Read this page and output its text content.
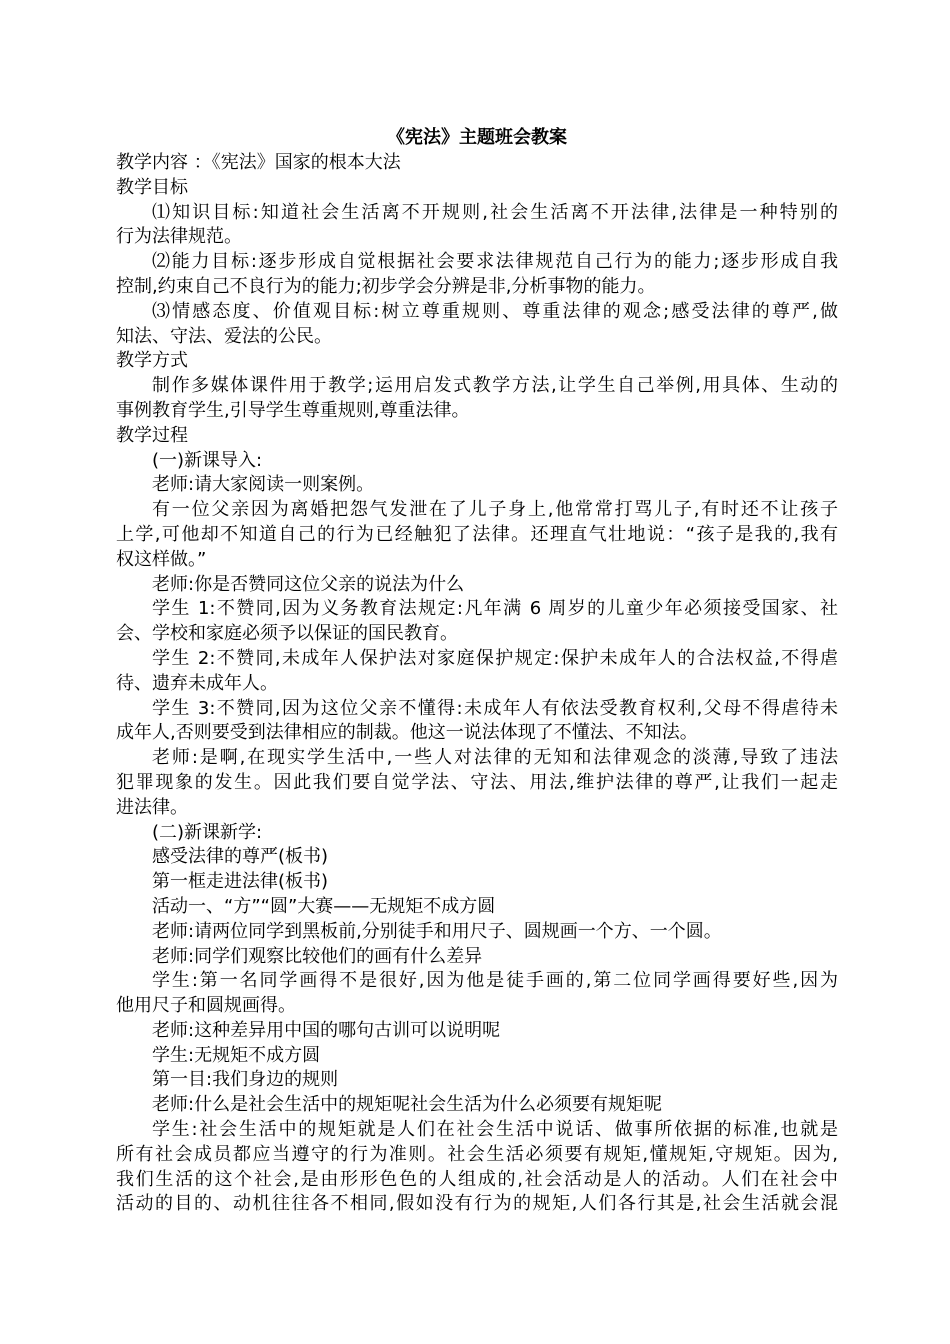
《宪法》主题班会教案

教学内容 ：《宪法》国家的根本大法

教学目标

⑴知识目标:知道社会生活离不开规则,社会生活离不开法律,法律是一种特别的

行为法律规范。

⑵能力目标:逐步形成自觉根据社会要求法律规范自己行为的能力;逐步形成自我

控制,约束自己不良行为的能力;初步学会分辨是非,分析事物的能力。

⑶情感态度、价值观目标:树立尊重规则、尊重法律的观念;感受法律的尊严,做

知法、守法、爱法的公民。

教学方式

制作多媒体课件用于教学;运用启发式教学方法,让学生自己举例,用具体、生动的

事例教育学生,引导学生尊重规则,尊重法律。

教学过程

(一)新课导入:

老师:请大家阅读一则案例。

有一位父亲因为离婚把怨气发泄在了儿子身上,他常常打骂儿子,有时还不让孩子

上学,可他却不知道自己的行为已经触犯了法律。还理直气壮地说：“孩子是我的,我有

权这样做。”

老师:你是否赞同这位父亲的说法为什么

学生 1:不赞同,因为义务教育法规定:凡年满 6 周岁的儿童少年必须接受国家、社

会、学校和家庭必须予以保证的国民教育。

学生 2:不赞同,未成年人保护法对家庭保护规定:保护未成年人的合法权益,不得虐

待、遗弃未成年人。

学生 3:不赞同,因为这位父亲不懂得:未成年人有依法受教育权利,父母不得虐待未

成年人,否则要受到法律相应的制裁。他这一说法体现了不懂法、不知法。

老师:是啊,在现实学生活中,一些人对法律的无知和法律观念的淡薄,导致了违法

犯罪现象的发生。因此我们要自觉学法、守法、用法,维护法律的尊严,让我们一起走

进法律。

(二)新课新学:

感受法律的尊严(板书)

第一框走进法律(板书)

活动一、“方”“圆”大赛——无规矩不成方圆

老师:请两位同学到黑板前,分别徒手和用尺子、圆规画一个方、一个圆。

老师:同学们观察比较他们的画有什么差异

学生:第一名同学画得不是很好,因为他是徒手画的,第二位同学画得要好些,因为

他用尺子和圆规画得。

老师:这种差异用中国的哪句古训可以说明呢

学生:无规矩不成方圆

第一目:我们身边的规则

老师:什么是社会生活中的规矩呢社会生活为什么必须要有规矩呢

学生:社会生活中的规矩就是人们在社会生活中说话、做事所依据的标准,也就是

所有社会成员都应当遵守的行为准则。社会生活必须要有规矩,懂规矩,守规矩。因为,

我们生活的这个社会,是由形形色色的人组成的,社会活动是人的活动。人们在社会中

活动的目的、动机往往各不相同,假如没有行为的规矩,人们各行其是,社会生活就会混
